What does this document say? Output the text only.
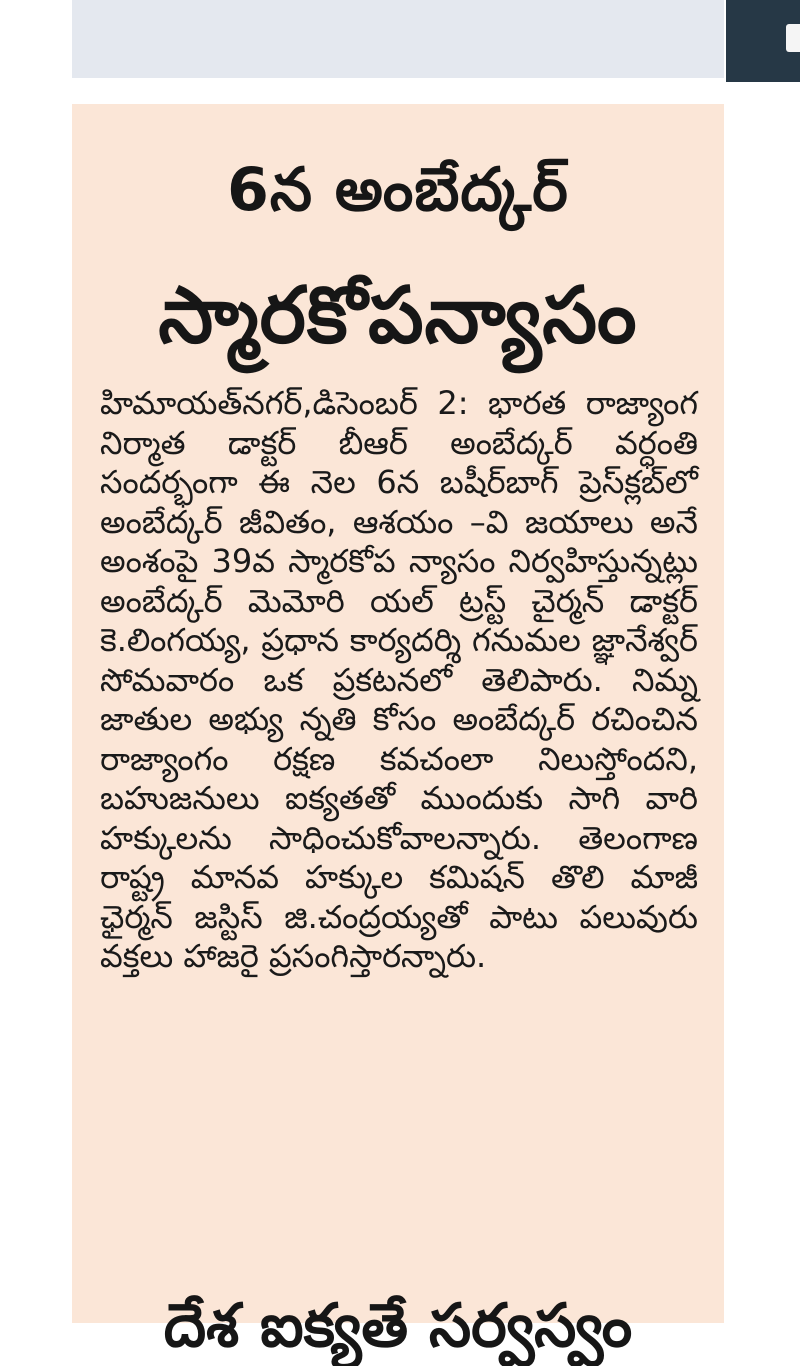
6న అంబేద్కర్
స్మారకోపన్యాసం

హిమాయత్‌నగర్,డిసెంబర్ 2: భారత రాజ్యాంగ నిర్మాత డాక్టర్ బీఆర్ అంబేద్కర్ వర్ధంతి సందర్భంగా ఈ నెల 6న బషీర్‌బాగ్ ప్రెస్‌క్లబ్‌లో అంబేద్కర్ జీవితం, ఆశయం –వి జయాలు అనే అంశంపై 39వ స్మారకోప న్యాసం నిర్వహిస్తున్నట్లు అంబేద్కర్ మెమోరి యల్ ట్రస్ట్ చైర్మన్ డాక్టర్ కె.లింగయ్య, ప్రధాన కార్యదర్శి గనుమల జ్ఞానేశ్వర్ సోమవారం ఒక ప్రకటనలో తెలిపారు. నిమ్న జాతుల అభ్యు న్నతి కోసం అంబేద్కర్ రచించిన రాజ్యాంగం రక్షణ కవచంలా నిలుస్తోందని, బహుజనులు ఐక్యతతో ముందుకు సాగి వారి హక్కులను సాధించుకోవాలన్నారు. తెలంగాణ రాష్ట్ర మానవ హక్కుల కమిషన్ తొలి మాజీ ఛైర్మన్ జస్టిస్ జి.చంద్రయ్యతో పాటు పలువురు వక్తలు హాజరై ప్రసంగిస్తారన్నారు.

దేశ ఐక్యతే సర్వస్వం
